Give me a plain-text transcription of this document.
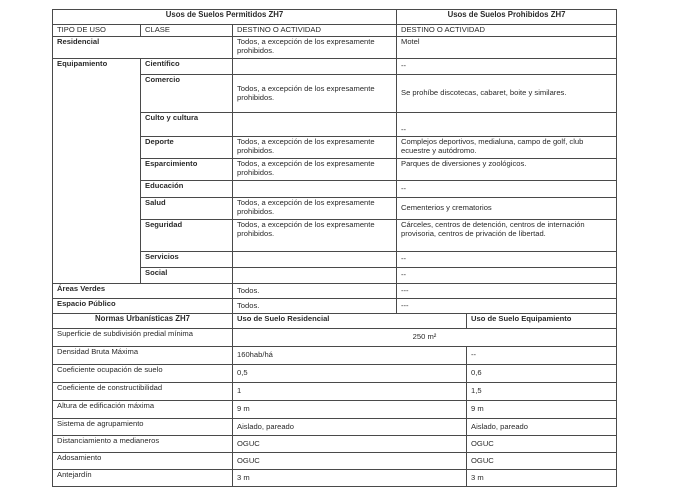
Usos de Suelos Permitidos ZH7			Usos de Suelos Prohibidos ZH7
TIPO DE USO	CLASE	DESTINO O ACTIVIDAD	DESTINO O ACTIVIDAD
Residencial		Todos, a excepción de los expresamente prohibidos.	Motel
Equipamiento	Científico		--
	Comercio	Todos, a excepción de los expresamente prohibidos.	Se prohíbe discotecas, cabaret, boite y similares.
	Culto y cultura		--
	Deporte	Todos, a excepción de los expresamente prohibidos.	Complejos deportivos, medialuna, campo de golf, club ecuestre y autódromo.
	Esparcimiento	Todos, a excepción de los expresamente prohibidos.	Parques de diversiones y zoológicos.
	Educación		--
	Salud	Todos, a excepción de los expresamente prohibidos.	Cementerios y crematorios
	Seguridad	Todos, a excepción de los expresamente prohibidos.	Cárceles, centros de detención, centros de internación provisoria, centros de privación de libertad.
	Servicios		--
	Social		--
Áreas Verdes		Todos.	---
Espacio Público		Todos.	---
Normas Urbanísticas ZH7	Uso de Suelo Residencial	Uso de Suelo Equipamiento
Superficie de subdivisión predial mínima	250 m²	
Densidad Bruta Máxima	160hab/há	--
Coeficiente ocupación de suelo	0,5	0,6
Coeficiente de constructibilidad	1	1,5
Altura de edificación máxima	9 m	9 m
Sistema de agrupamiento	Aislado, pareado	Aislado, pareado
Distanciamiento a medianeros	OGUC	OGUC
Adosamiento	OGUC	OGUC
Antejardín	3 m	3 m
